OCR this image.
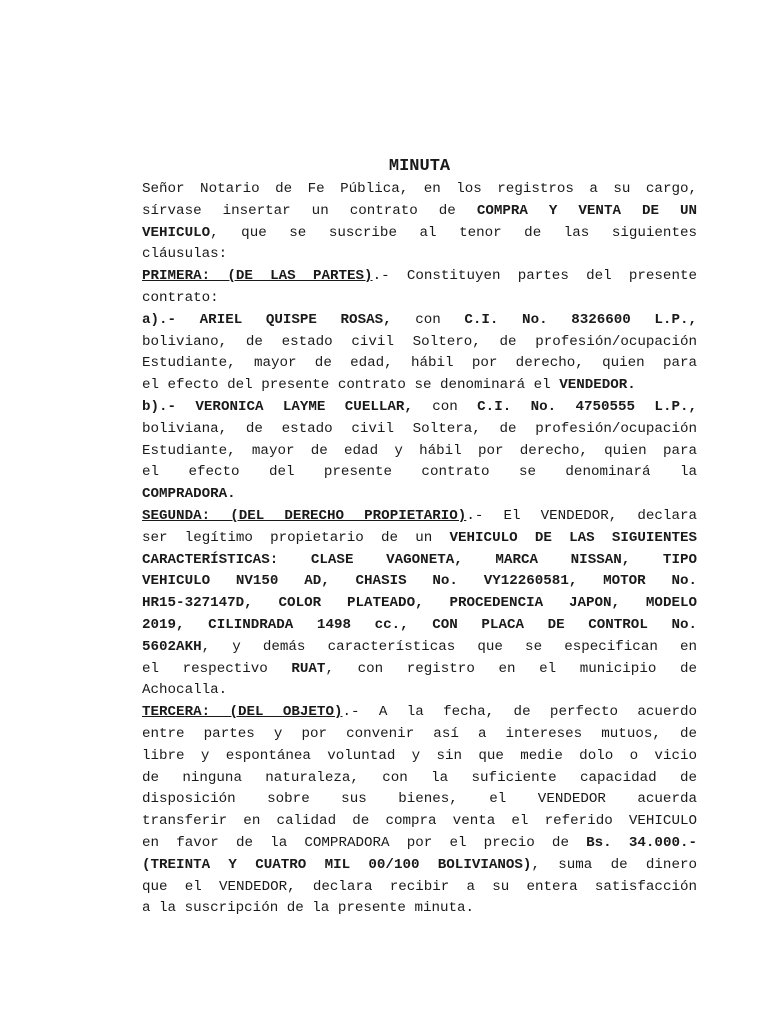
MINUTA
Señor Notario de Fe Pública, en los registros a su cargo,
sírvase insertar un contrato de COMPRA Y VENTA DE UN
VEHICULO, que se suscribe al tenor de las siguientes
cláusulas:
PRIMERA: (DE LAS PARTES).- Constituyen partes del presente
contrato:
a).- ARIEL QUISPE ROSAS, con C.I. No. 8326600 L.P.,
boliviano, de estado civil Soltero, de profesión/ocupación
Estudiante, mayor de edad, hábil por derecho, quien para
el efecto del presente contrato se denominará el VENDEDOR.
b).- VERONICA LAYME CUELLAR, con C.I. No. 4750555 L.P.,
boliviana, de estado civil Soltera, de profesión/ocupación
Estudiante, mayor de edad y hábil por derecho, quien para
el efecto del presente contrato se denominará la
COMPRADORA.
SEGUNDA: (DEL DERECHO PROPIETARIO).- El VENDEDOR, declara
ser legítimo propietario de un VEHICULO DE LAS SIGUIENTES
CARACTERÍSTICAS: CLASE VAGONETA, MARCA NISSAN, TIPO
VEHICULO NV150 AD, CHASIS No. VY12260581, MOTOR No.
HR15-327147D, COLOR PLATEADO, PROCEDENCIA JAPON, MODELO
2019, CILINDRADA 1498 cc., CON PLACA DE CONTROL No.
5602AKH, y demás características que se especifican en
el respectivo RUAT, con registro en el municipio de
Achocalla.
TERCERA: (DEL OBJETO).- A la fecha, de perfecto acuerdo
entre partes y por convenir así a intereses mutuos, de
libre y espontánea voluntad y sin que medie dolo o vicio
de ninguna naturaleza, con la suficiente capacidad de
disposición sobre sus bienes, el VENDEDOR acuerda
transferir en calidad de compra venta el referido VEHICULO
en favor de la COMPRADORA por el precio de Bs. 34.000.-
(TREINTA Y CUATRO MIL 00/100 BOLIVIANOS), suma de dinero
que el VENDEDOR, declara recibir a su entera satisfacción
a la suscripción de la presente minuta.
